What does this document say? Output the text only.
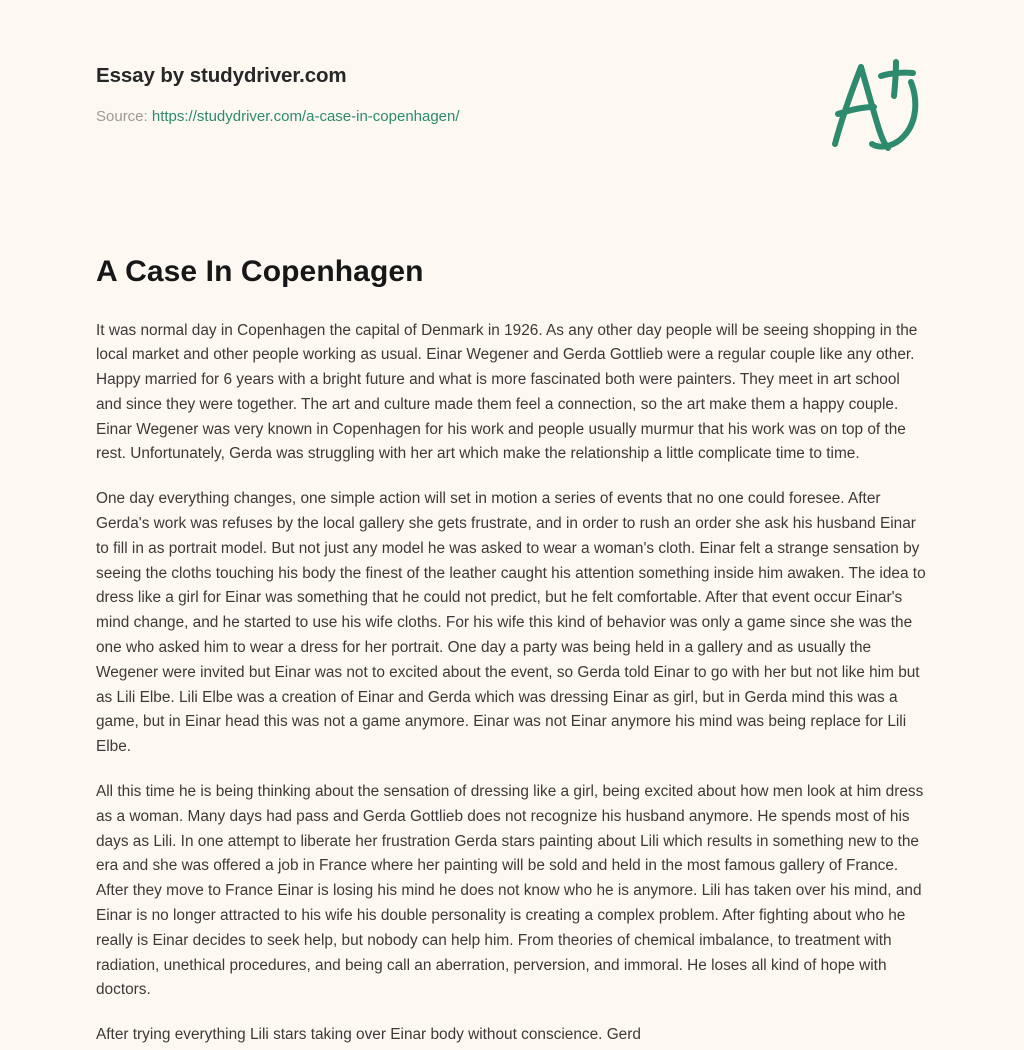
Essay by studydriver.com
Source: https://studydriver.com/a-case-in-copenhagen/
A Case In Copenhagen

It was normal day in Copenhagen the capital of Denmark in 1926. As any other day people will be seeing shopping in the local market and other people working as usual. Einar Wegener and Gerda Gottlieb were a regular couple like any other. Happy married for 6 years with a bright future and what is more fascinated both were painters. They meet in art school and since they were together. The art and culture made them feel a connection, so the art make them a happy couple. Einar Wegener was very known in Copenhagen for his work and people usually murmur that his work was on top of the rest. Unfortunately, Gerda was struggling with her art which make the relationship a little complicate time to time.

One day everything changes, one simple action will set in motion a series of events that no one could foresee. After Gerda's work was refuses by the local gallery she gets frustrate, and in order to rush an order she ask his husband Einar to fill in as portrait model. But not just any model he was asked to wear a woman's cloth. Einar felt a strange sensation by seeing the cloths touching his body the finest of the leather caught his attention something inside him awaken. The idea to dress like a girl for Einar was something that he could not predict, but he felt comfortable. After that event occur Einar's mind change, and he started to use his wife cloths. For his wife this kind of behavior was only a game since she was the one who asked him to wear a dress for her portrait. One day a party was being held in a gallery and as usually the Wegener were invited but Einar was not to excited about the event, so Gerda told Einar to go with her but not like him but as Lili Elbe. Lili Elbe was a creation of Einar and Gerda which was dressing Einar as girl, but in Gerda mind this was a game, but in Einar head this was not a game anymore. Einar was not Einar anymore his mind was being replace for Lili Elbe.

All this time he is being thinking about the sensation of dressing like a girl, being excited about how men look at him dress as a woman. Many days had pass and Gerda Gottlieb does not recognize his husband anymore. He spends most of his days as Lili. In one attempt to liberate her frustration Gerda stars painting about Lili which results in something new to the era and she was offered a job in France where her painting will be sold and held in the most famous gallery of France. After they move to France Einar is losing his mind he does not know who he is anymore. Lili has taken over his mind, and Einar is no longer attracted to his wife his double personality is creating a complex problem. After fighting about who he really is Einar decides to seek help, but nobody can help him. From theories of chemical imbalance, to treatment with radiation, unethical procedures, and being call an aberration, perversion, and immoral. He loses all kind of hope with doctors.

After trying everything Lili stars taking over Einar body without conscience. Gerd
